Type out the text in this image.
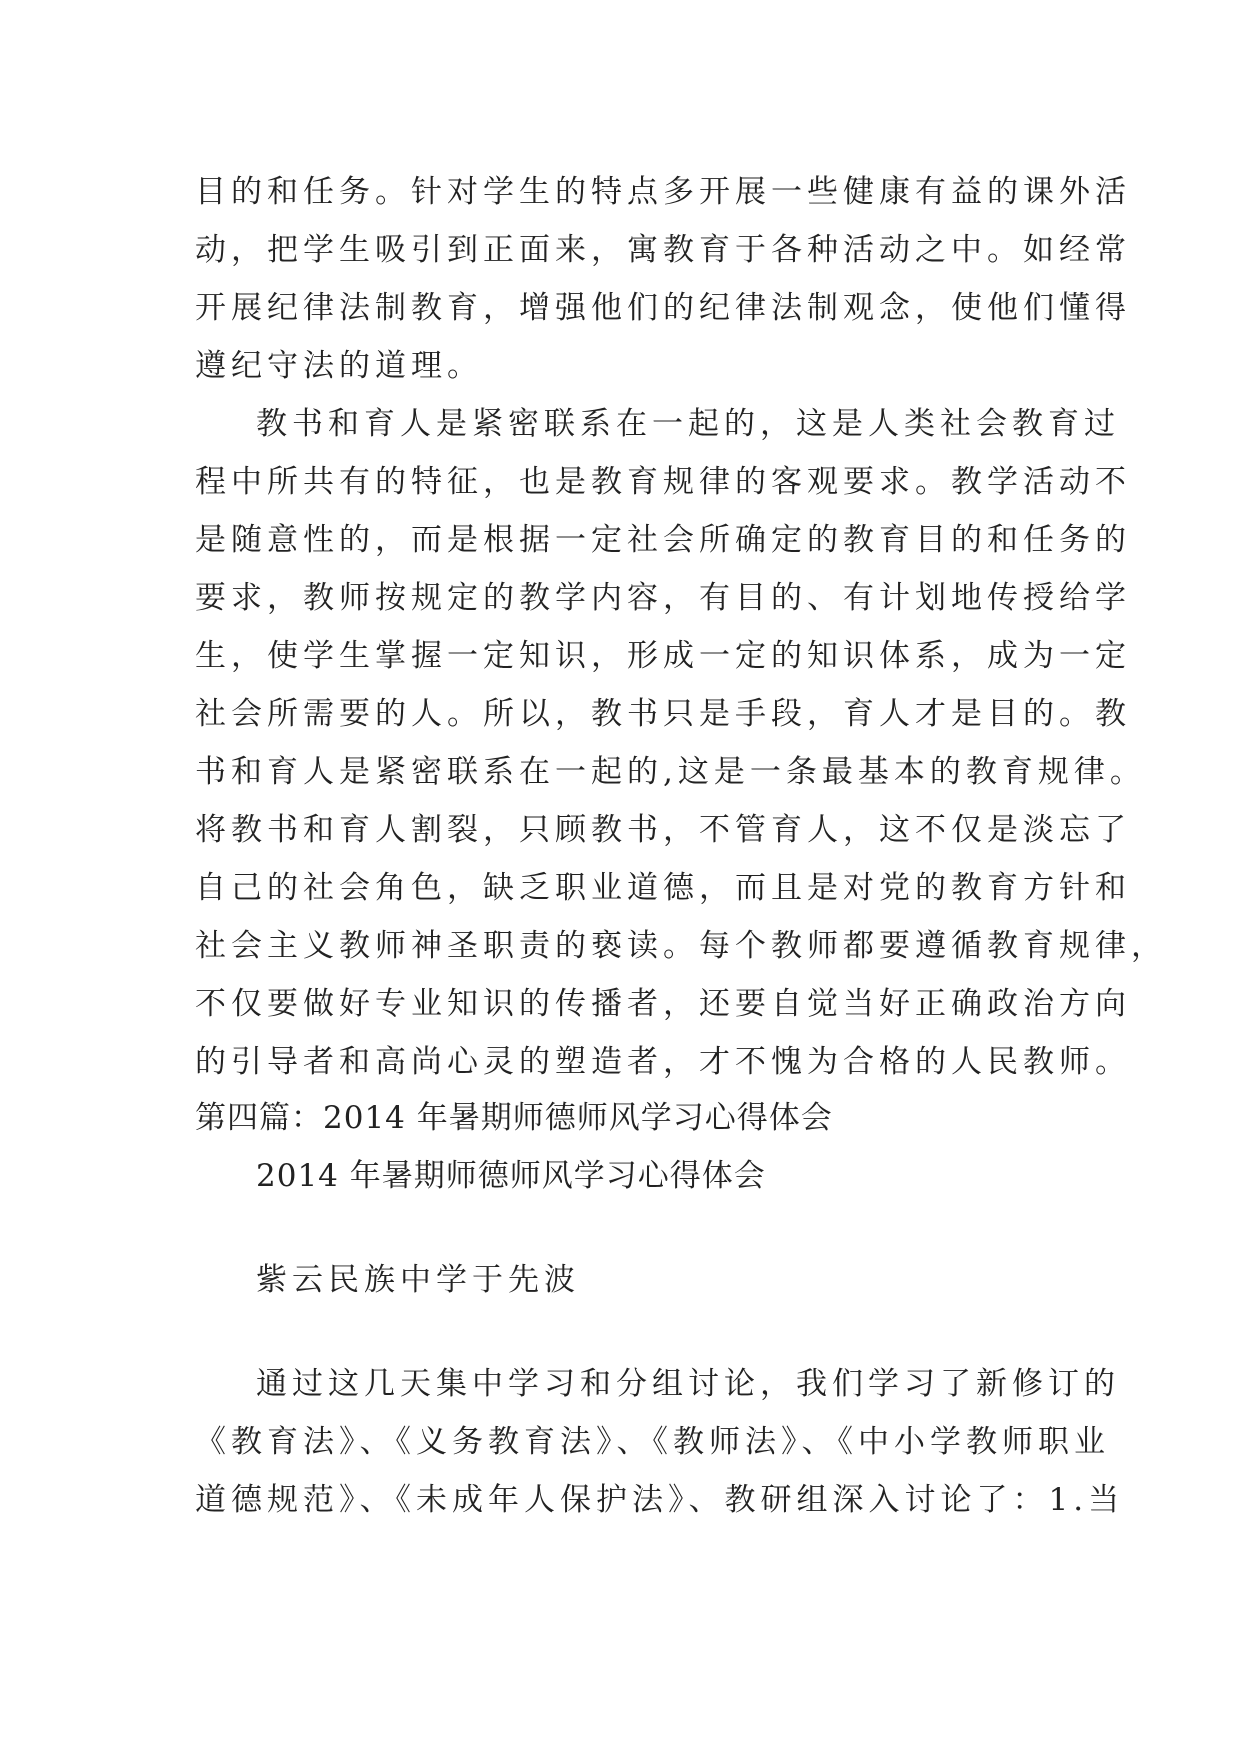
目的和任务。针对学生的特点多开展一些健康有益的课外活
动，把学生吸引到正面来，寓教育于各种活动之中。如经常
开展纪律法制教育，增强他们的纪律法制观念，使他们懂得
遵纪守法的道理。
教书和育人是紧密联系在一起的，这是人类社会教育过
程中所共有的特征，也是教育规律的客观要求。教学活动不
是随意性的，而是根据一定社会所确定的教育目的和任务的
要求，教师按规定的教学内容，有目的、有计划地传授给学
生，使学生掌握一定知识，形成一定的知识体系，成为一定
社会所需要的人。所以，教书只是手段，育人才是目的。教
书和育人是紧密联系在一起的,这是一条最基本的教育规律。
将教书和育人割裂，只顾教书，不管育人，这不仅是淡忘了
自己的社会角色，缺乏职业道德，而且是对党的教育方针和
社会主义教师神圣职责的亵读。每个教师都要遵循教育规律，
不仅要做好专业知识的传播者，还要自觉当好正确政治方向
的引导者和高尚心灵的塑造者，才不愧为合格的人民教师。
第四篇：2014 年暑期师德师风学习心得体会
2014 年暑期师德师风学习心得体会
紫云民族中学于先波
通过这几天集中学习和分组讨论，我们学习了新修订的
《教育法》、《义务教育法》、《教师法》、《中小学教师职业
道德规范》、《未成年人保护法》、教研组深入讨论了：1.当
